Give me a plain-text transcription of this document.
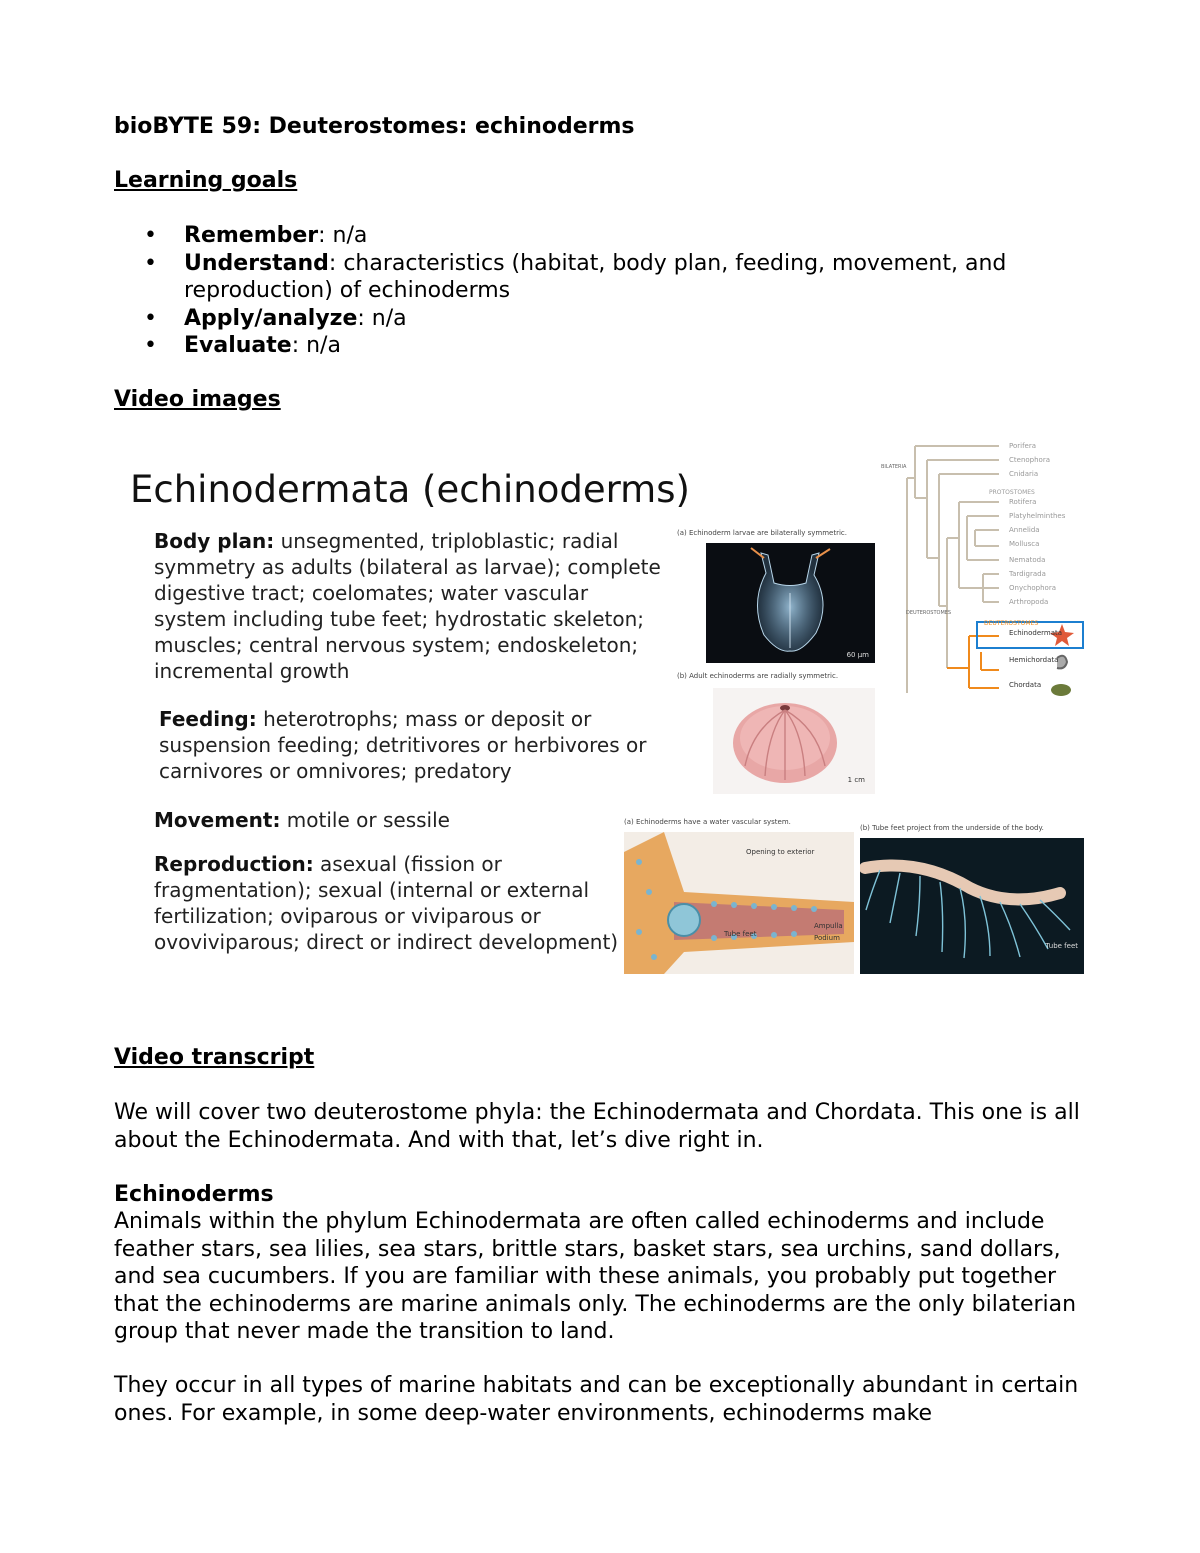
bioBYTE 59: Deuterostomes: echinoderms
Learning goals
• Remember: n/a
• Understand: characteristics (habitat, body plan, feeding, movement, and reproduction) of echinoderms
• Apply/analyze: n/a
• Evaluate: n/a
Video images
Echinodermata (echinoderms)
Body plan: unsegmented, triploblastic; radial symmetry as adults (bilateral as larvae); complete digestive tract; coelomates; water vascular system including tube feet; hydrostatic skeleton; muscles; central nervous system; endoskeleton; incremental growth
Feeding: heterotrophs; mass or deposit or suspension feeding; detritivores or herbivores or carnivores or omnivores; predatory
Movement: motile or sessile
Reproduction: asexual (fission or fragmentation); sexual (internal or external fertilization; oviparous or viviparous or ovoviviparous; direct or indirect development)
(a) Echinoderm larvae are bilaterally symmetric.
60 µm
(b) Adult echinoderms are radially symmetric.
1 cm
Porifera
Ctenophora
Cnidaria
PROTOSTOMES
Rotifera
Platyhelminthes
Annelida
Mollusca
Nematoda
Tardigrada
Onychophora
Arthropoda
DEUTEROSTOMES
Echinodermata
Hemichordata
Chordata
BILATERIA
DEUTEROSTOMES
(a) Echinoderms have a water vascular system.
Opening to exterior
Tube feet
Ampulla
Podium
(b) Tube feet project from the underside of the body.
Tube feet
Video transcript
We will cover two deuterostome phyla: the Echinodermata and Chordata. This one is all about the Echinodermata. And with that, let’s dive right in.
Echinoderms
Animals within the phylum Echinodermata are often called echinoderms and include feather stars, sea lilies, sea stars, brittle stars, basket stars, sea urchins, sand dollars, and sea cucumbers. If you are familiar with these animals, you probably put together that the echinoderms are marine animals only. The echinoderms are the only bilaterian group that never made the transition to land.
They occur in all types of marine habitats and can be exceptionally abundant in certain ones. For example, in some deep-water environments, echinoderms make
